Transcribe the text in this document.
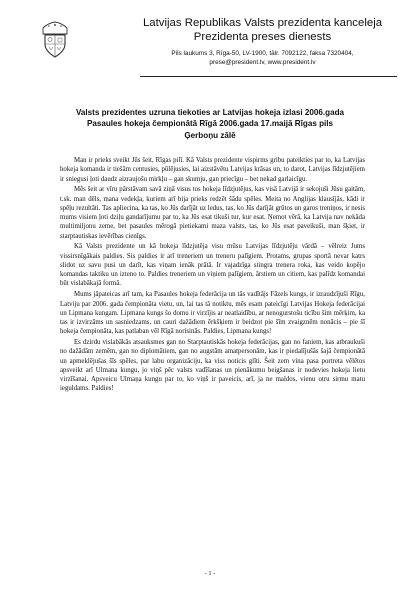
Latvijas Republikas Valsts prezidenta kanceleja
Prezidenta preses dienests
Pils laukums 3, Rīga-50, LV-1900, tālr. 7092122, faksa 7320404,
prese@president.lv, www.president.lv
Valsts prezidentes uzruna tiekoties ar Latvijas hokeja izlasi 2006.gada
Pasaules hokeja čempionātā Rīgā 2006.gada 17.maijā Rīgas pils
Ģerboņu zālē

Man ir prieks sveikt Jūs šeit, Rīgas pilī. Kā Valsts prezidente vispirms gribu pateikties par to, ka Latvijas hokeja komanda ir tiešām centusies, pūlējusies, lai aizstāvētu Latvijas krāsas un, to darot, Latvijas līdzjutējiem ir sniegusi ļoti daudz aizraujošu mirkļu – gan skumju, gan priecīgu – bet nekad garlaicīgu.

Mēs šeit ar vīru pārstāvam savā ziņā visus tos hokeja līdzjutējus, kas visā Latvijā ir sekojuši Jūsu gaitām, t.sk. man dēls, mana vedekļa, kuriem arī bija prieks redzēt šādu spēles. Meita no Anglijas klausījās, kādi ir spēļu rezultāti. Tas apliecina, ka tas, ko Jūs darījāt uz ledus, tas, ko Jūs darījāt grūtos un garos treniņos, ir nesis mums visiem ļoti dziļu gandarījumu par to, ka Jūs esat tikuši tur, kur esat. Ņemot vērā, ka Latvija nav nekāda multimiljonu zeme, bet pasaules mērogā pietiekami maza valsts, tas, ko Jūs esat paveikuši, man šķiet, ir starptautiskas ievērības cienīgs.

Kā Valsts prezidente un kā hokeja līdzjutēja visu mūsu Latvijas līdzjutēju vārdā – vēlreiz Jums vissirsnīgākais paldies. Sis paldies ir arī treneriem un treneru palīgiem. Protams, grupas sportā nevar katrs slidot uz savu pusi un darīt, kas viņam ienāk prātā. Ir vajadzīga stingra trenera roka, kas veido kopējo komandas taktiku un izteno to. Paldies treneriem un viņiem palīgiem, ārstiem un citiem, kas palīdz komandai būt vislabākajā formā.

Mums jāpateicas arī tam, ka Pasaules hokeja federācija un tās vadītājs Fāzels kungs, ir izraudzījuši Rīgu, Latviju par 2006. gada čempionāta vietu, un, lai tas tā notiktu, mēs esam pateicīgi Latvijas Hokeja federācijai un Lipmana kungam. Lipmana kungs šo domu ir virzījis ar neatlaidību, ar nenogurstošu ticību šim mērķim, ka tas ir izvirzāms un sasniedzams, un cauri dažādiem ērkšķiem ir beidzot pie šīm zvaigznēm nonācis – pie šī hokeja čempionāta, kas patlaban vēl Rīgā norisinās. Paldies, Lipmana kungs!

Es dzirdu vislabākās atsauksmes gan no Starptautiskās hokeja federācijas, gan no faniem, kas atbraukuši no dažādām zemēm, gan no diplomātiem, gan no augstām amatpersonām, kas ir piedalījušās šajā čempionātā un apmeklējušas šīs spēles, par labu organizāciju, ka viss noticis glīti. Šeit zem vina pasa portreta vēlētos apsveikt arī Ulmana kungu, jo viņš pēc valsts vadīšanas un pienākumu beigšanas ir nodevies hokeja lietu virzīšanai. Apsveicu Ulmaņa kungu par to, ko viņš ir paveicis, arī, ja ne maldos, vienu otru sirmu matu ieguldams. Paldies!

- 1 -
